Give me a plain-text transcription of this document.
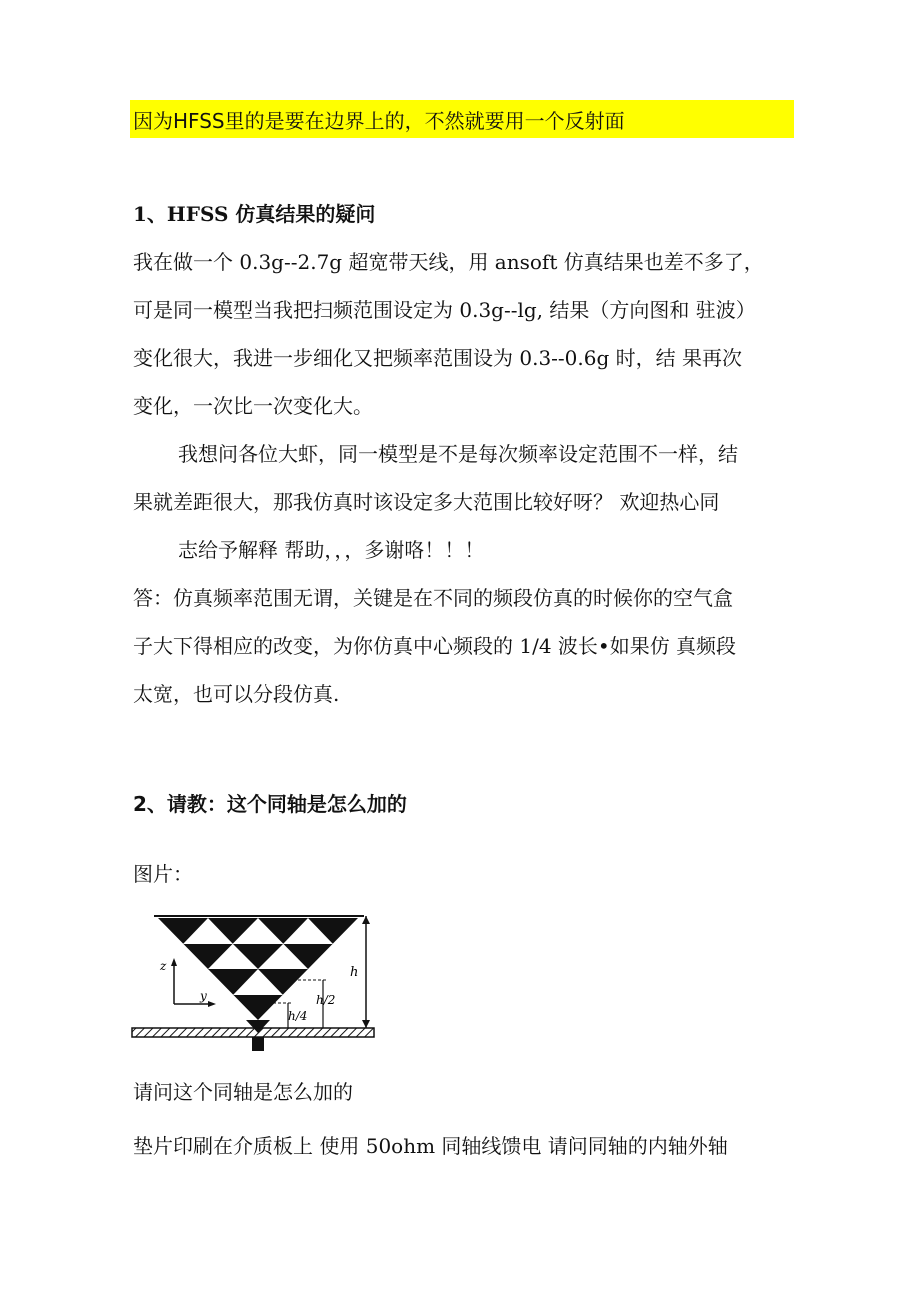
因为HFSS里的是要在边界上的，不然就要用一个反射面
1、HFSS 仿真结果的疑问
我在做一个 0.3g--2.7g 超宽带天线，用 ansoft 仿真结果也差不多了，
可是同一模型当我把扫频范围设定为 0.3g--lg, 结果（方向图和 驻波）
变化很大，我进一步细化又把频率范围设为 0.3--0.6g 时，结 果再次
变化，一次比一次变化大。
我想问各位大虾，同一模型是不是每次频率设定范围不一样，结
果就差距很大，那我仿真时该设定多大范围比较好呀？ 欢迎热心同
志给予解释 帮助，，，多谢咯！！！
答：仿真频率范围无谓，关键是在不同的频段仿真的时候你的空气盒
子大下得相应的改变，为你仿真中心频段的 1/4 波长•如果仿 真频段
太宽，也可以分段仿真.
2、请教：这个同轴是怎么加的
图片：
h
h/2
h/4
z
y
请问这个同轴是怎么加的
垫片印刷在介质板上 使用 50ohm 同轴线馈电 请问同轴的内轴外轴
